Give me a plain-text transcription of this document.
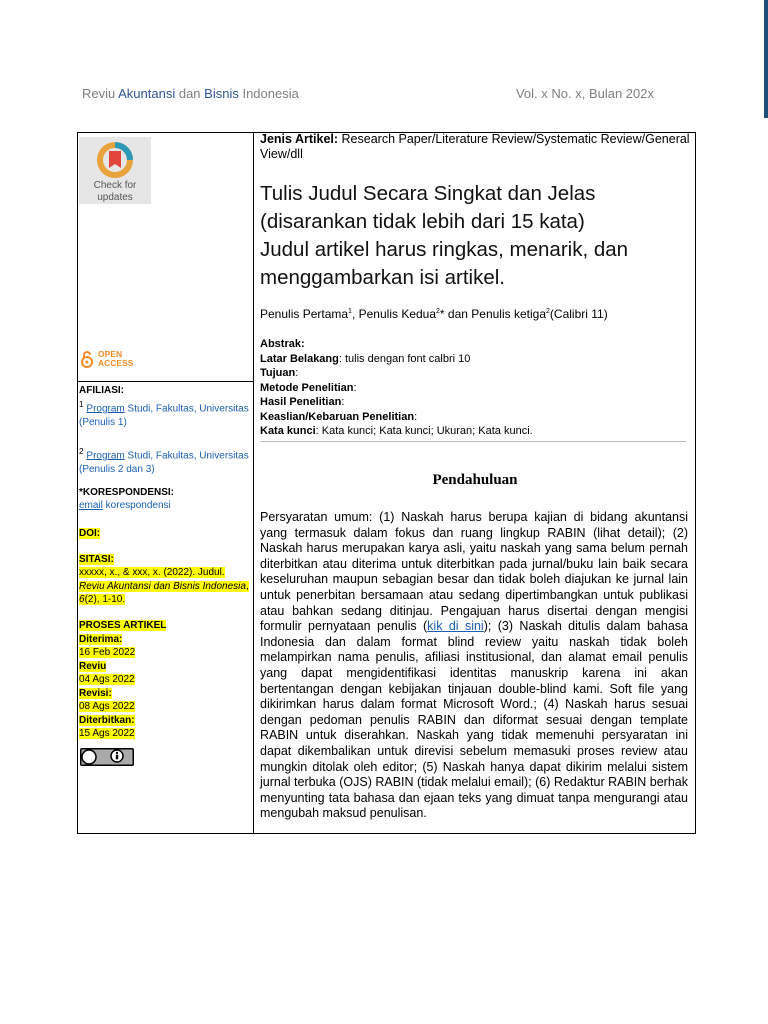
Reviu Akuntansi dan Bisnis Indonesia	Vol. x No. x, Bulan 202x
Check for
updates
OPEN
ACCESS
AFILIASI:
$^1$ Program Studi, Fakultas, Universitas (Penulis 1)
$^2$ Program Studi, Fakultas, Universitas (Penulis 2 dan 3)
*KORESPONDENSI:
email korespondensi
DOI:
SITASI:
xxxxx, x., & xxx, x. (2022). Judul. Reviu Akuntansi dan Bisnis Indonesia, 6(2), 1-10.
PROSES ARTIKEL
Diterima:
16 Feb 2022
Reviu
04 Ags 2022
Revisi:
08 Ags 2022
Diterbitkan:
15 Ags 2022
Jenis Artikel: Research Paper/Literature Review/Systematic Review/General View/dll
Tulis Judul Secara Singkat dan Jelas
(disarankan tidak lebih dari 15 kata)
Judul artikel harus ringkas, menarik, dan
menggambarkan isi artikel.
Penulis Pertama$^1$, Penulis Kedua$^2$* dan Penulis ketiga$^2$(Calibri 11)
Abstrak:
Latar Belakang: tulis dengan font calbri 10
Tujuan:
Metode Penelitian:
Hasil Penelitian:
Keaslian/Kebaruan Penelitian:
Kata kunci: Kata kunci; Kata kunci; Ukuran; Kata kunci.
Pendahuluan
Persyaratan umum: (1) Naskah harus berupa kajian di bidang akuntansi yang termasuk dalam fokus dan ruang lingkup RABIN (lihat detail); (2) Naskah harus merupakan karya asli, yaitu naskah yang sama belum pernah diterbitkan atau diterima untuk diterbitkan pada jurnal/buku lain baik secara keseluruhan maupun sebagian besar dan tidak boleh diajukan ke jurnal lain untuk penerbitan bersamaan atau sedang dipertimbangkan untuk publikasi atau bahkan sedang ditinjau. Pengajuan harus disertai dengan mengisi formulir pernyataan penulis (kik di sini); (3) Naskah ditulis dalam bahasa Indonesia dan dalam format blind review yaitu naskah tidak boleh melampirkan nama penulis, afiliasi institusional, dan alamat email penulis yang dapat mengidentifikasi identitas manuskrip karena ini akan bertentangan dengan kebijakan tinjauan double-blind kami. Soft file yang dikirimkan harus dalam format Microsoft Word.; (4) Naskah harus sesuai dengan pedoman penulis RABIN dan diformat sesuai dengan template RABIN untuk diserahkan. Naskah yang tidak memenuhi persyaratan ini dapat dikembalikan untuk direvisi sebelum memasuki proses review atau mungkin ditolak oleh editor; (5) Naskah hanya dapat dikirim melalui sistem jurnal terbuka (OJS) RABIN (tidak melalui email); (6) Redaktur RABIN berhak menyunting tata bahasa dan ejaan teks yang dimuat tanpa mengurangi atau mengubah maksud penulisan.
